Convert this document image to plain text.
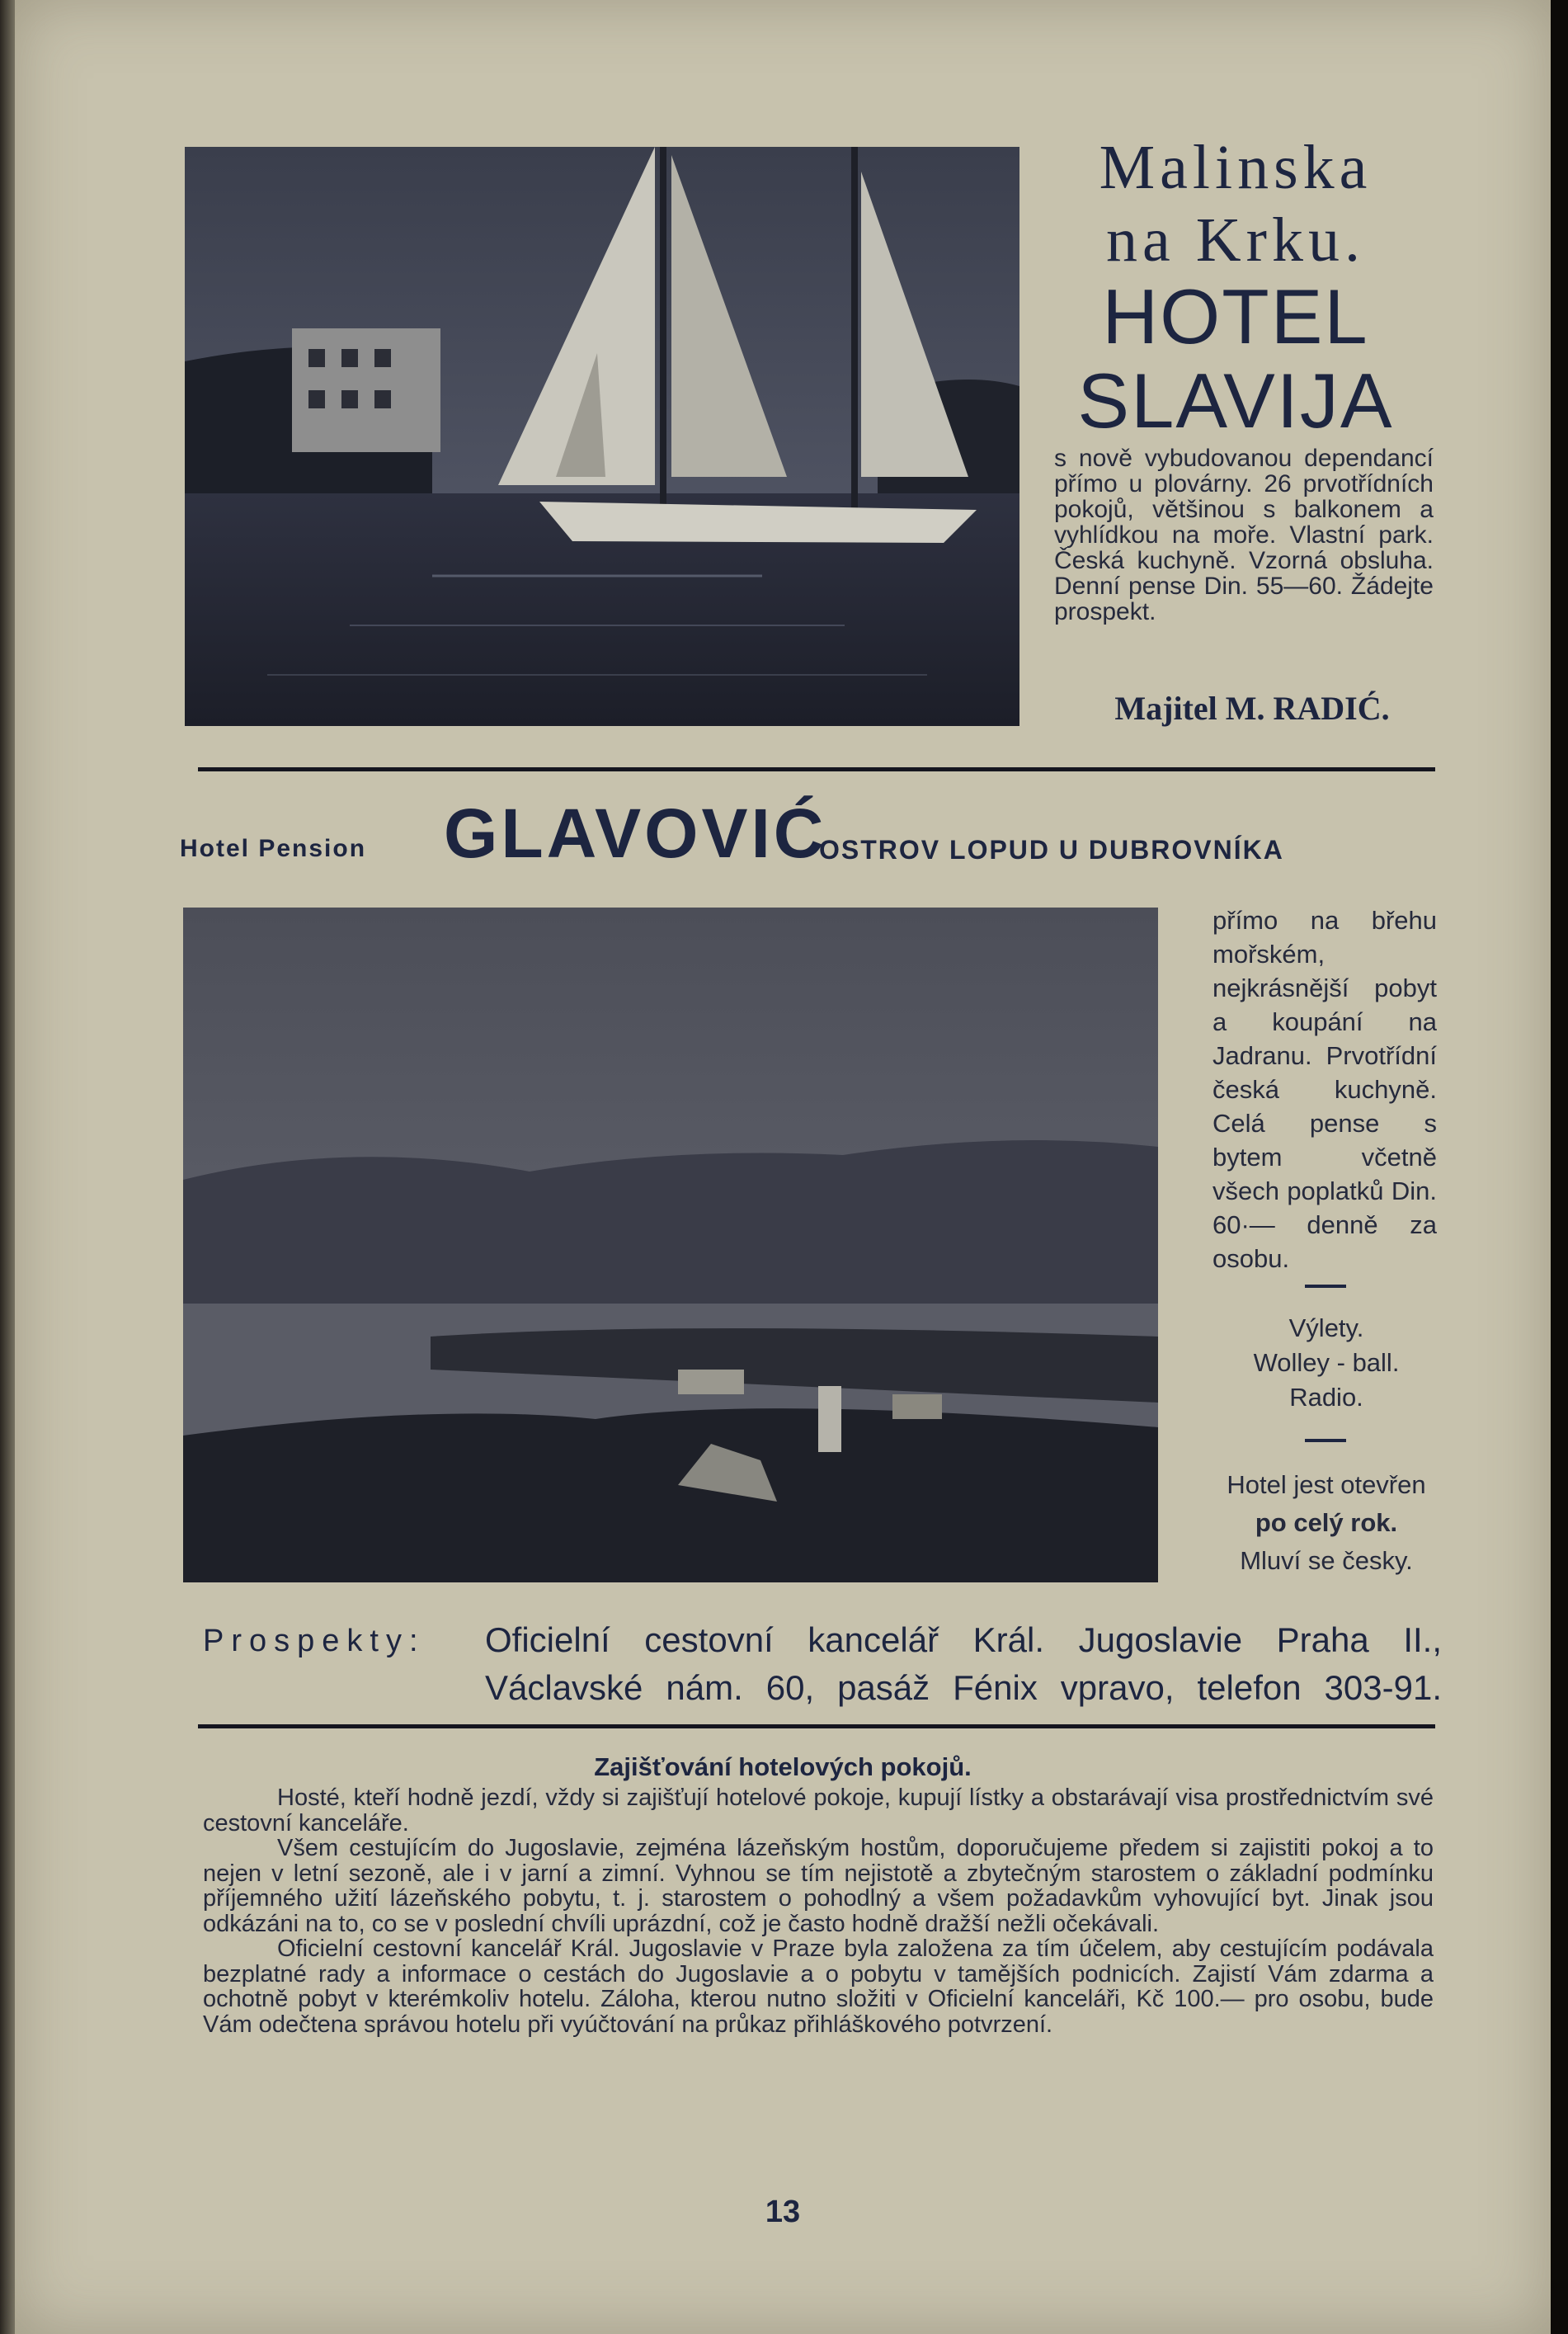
Malinska
na Krku.
HOTEL
SLAVIJA
s nově vybudovanou dependancí přímo u plovárny. 26 prvotřídních pokojů, většinou s balkonem a vyhlídkou na moře. Vlastní park. Česká kuchyně. Vzorná obsluha. Denní pense Din. 55—60. Žádejte prospekt.
Majitel M. RADIĆ.
Hotel Pension GLAVOVIĆ
OSTROV LOPUD U DUBROVNÍKA
přímo na břehu mořském, nejkrásnější pobyt a koupání na Jadranu. Prvotřídní česká kuchyně. Celá pense s bytem včetně všech poplatků Din. 60·— denně za osobu.
Výlety.
Wolley - ball.
Radio.
Hotel jest otevřen
po celý rok.
Mluví se česky.
Prospekty: Oficielní cestovní kancelář Král. Jugoslavie Praha II.,
Václavské nám. 60, pasáž Fénix vpravo, telefon 303-91.
Zajišťování hotelových pokojů.

Hosté, kteří hodně jezdí, vždy si zajišťují hotelové pokoje, kupují lístky a obstarávají visa prostřednictvím své cestovní kanceláře.

Všem cestujícím do Jugoslavie, zejména lázeňským hostům, doporučujeme předem si zajistiti pokoj a to nejen v letní sezoně, ale i v jarní a zimní. Vyhnou se tím nejistotě a zbytečným starostem o základní podmínku příjemného užití lázeňského pobytu, t. j. starostem o pohodlný a všem požadavkům vyhovující byt. Jinak jsou odkázáni na to, co se v poslední chvíli uprázdní, což je často hodně dražší nežli očekávali.

Oficielní cestovní kancelář Král. Jugoslavie v Praze byla založena za tím účelem, aby cestujícím podávala bezplatné rady a informace o cestách do Jugoslavie a o pobytu v tamějších podnicích. Zajistí Vám zdarma a ochotně pobyt v kterémkoliv hotelu. Záloha, kterou nutno složiti v Oficielní kanceláři, Kč 100.— pro osobu, bude Vám odečtena správou hotelu při vyúčtování na průkaz přihláškového potvrzení.

13
